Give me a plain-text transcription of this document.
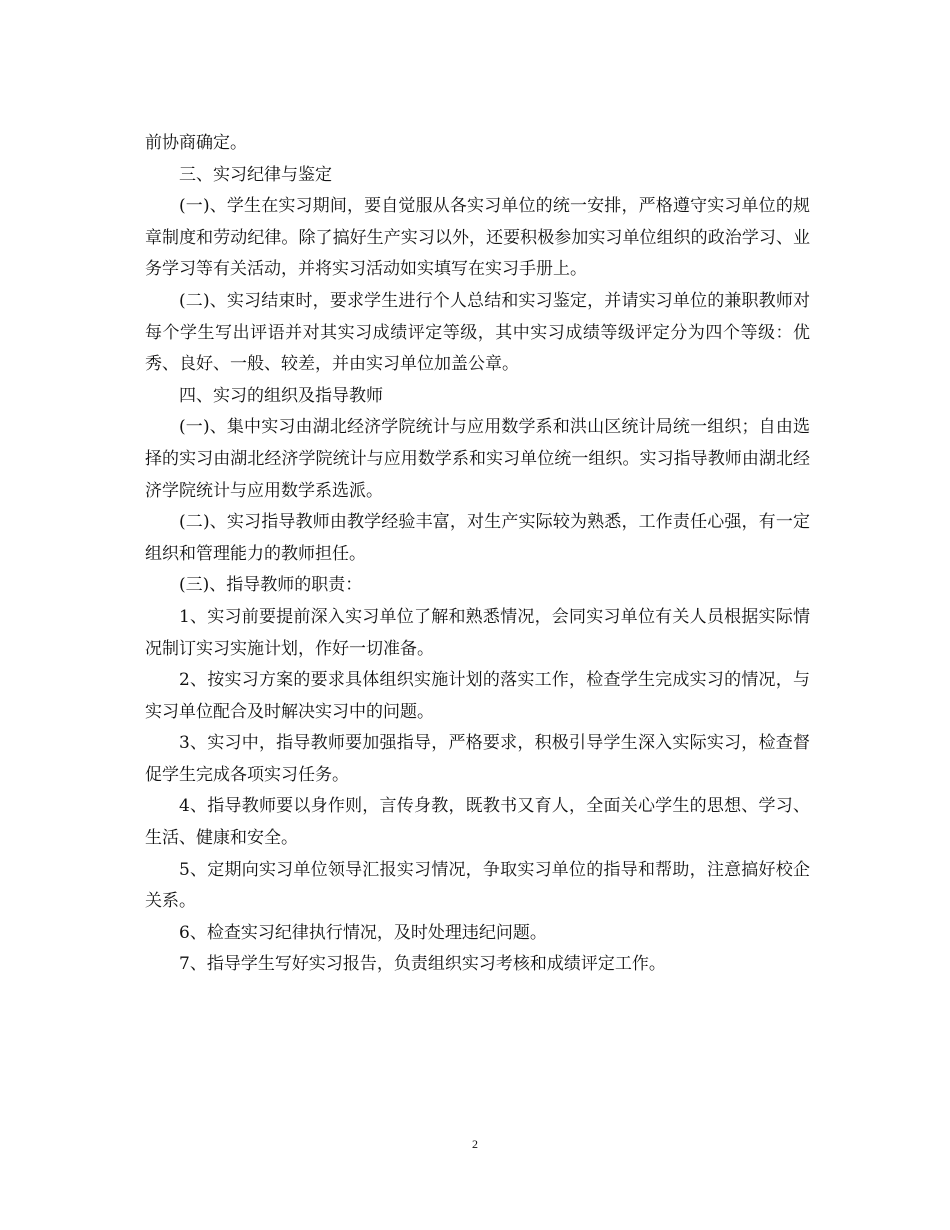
前协商确定。

三、实习纪律与鉴定

(一)、学生在实习期间，要自觉服从各实习单位的统一安排，严格遵守实习单位的规章制度和劳动纪律。除了搞好生产实习以外，还要积极参加实习单位组织的政治学习、业务学习等有关活动，并将实习活动如实填写在实习手册上。

(二)、实习结束时，要求学生进行个人总结和实习鉴定，并请实习单位的兼职教师对每个学生写出评语并对其实习成绩评定等级，其中实习成绩等级评定分为四个等级：优秀、良好、一般、较差，并由实习单位加盖公章。

四、实习的组织及指导教师

(一)、集中实习由湖北经济学院统计与应用数学系和洪山区统计局统一组织；自由选择的实习由湖北经济学院统计与应用数学系和实习单位统一组织。实习指导教师由湖北经济学院统计与应用数学系选派。

(二)、实习指导教师由教学经验丰富，对生产实际较为熟悉，工作责任心强，有一定组织和管理能力的教师担任。

(三)、指导教师的职责：

1、实习前要提前深入实习单位了解和熟悉情况，会同实习单位有关人员根据实际情况制订实习实施计划，作好一切准备。

2、按实习方案的要求具体组织实施计划的落实工作，检查学生完成实习的情况，与实习单位配合及时解决实习中的问题。

3、实习中，指导教师要加强指导，严格要求，积极引导学生深入实际实习，检查督促学生完成各项实习任务。

4、指导教师要以身作则，言传身教，既教书又育人，全面关心学生的思想、学习、生活、健康和安全。

5、定期向实习单位领导汇报实习情况，争取实习单位的指导和帮助，注意搞好校企关系。

6、检查实习纪律执行情况，及时处理违纪问题。

7、指导学生写好实习报告，负责组织实习考核和成绩评定工作。

2
